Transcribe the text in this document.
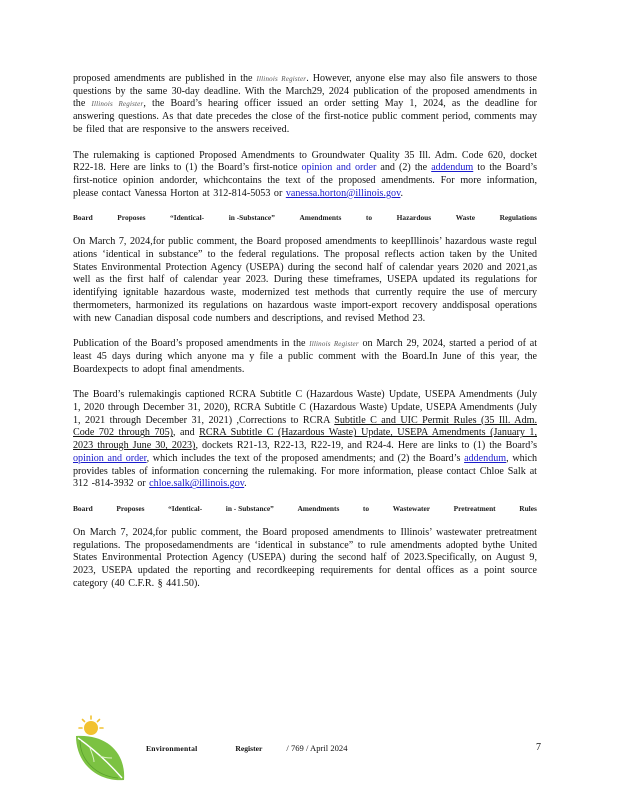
proposed amendments are published in the Illinois Register. However, anyone else may also file answers to those questions by the same 30-day deadline. With the March29, 2024 publication of the proposed amendments in the Illinois Register, the Board’s hearing officer issued an order setting May 1, 2024, as the deadline for answering questions. As that date precedes the close of the first-notice public comment period, comments may be filed that are responsive to the answers received.

The rulemaking is captioned Proposed Amendments to Groundwater Quality 35 Ill. Adm. Code 620, docket R22-18. Here are links to (1) the Board’s first-notice opinion and order and (2) the addendum to the Board’s first-notice opinion andorder, whichcontains the text of the proposed amendments. For more information, please contact Vanessa Horton at 312-814-5053 or vanessa.horton@illinois.gov.

Board	Proposes	“Identical-	in -Substance”	Amendments	to	Hazardous	Waste	Regulations

On March 7, 2024,for public comment, the Board proposed amendments to keepIllinois’ hazardous waste regul ations ‘identical in substance” to the federal regulations. The proposal reflects action taken by the United States Environmental Protection Agency (USEPA) during the second half of calendar years 2020 and 2021,as well as the first half of calendar year 2023. During these timeframes, USEPA updated its regulations for identifying ignitable hazardous waste, modernized test methods that currently require the use of mercury thermometers, harmonized its regulations on hazardous waste import-export recovery anddisposal operations with new Canadian disposal code numbers and descriptions, and revised Method 23.

Publication of the Board’s proposed amendments in the Illinois Register on March 29, 2024, started a period of at least 45 days during which anyone ma y file a public comment with the Board.In June of this year, the Boardexpects to adopt final amendments.

The Board’s rulemakingis captioned RCRA Subtitle C (Hazardous Waste) Update, USEPA Amendments (July 1, 2020 through December 31, 2020), RCRA Subtitle C (Hazardous Waste) Update, USEPA Amendments (July 1, 2021 through December 31, 2021) ,Corrections to RCRA Subtitle C and UIC Permit Rules (35 Ill. Adm. Code 702 through 705), and RCRA Subtitle C (Hazardous Waste) Update, USEPA Amendments (January 1, 2023 through June 30, 2023), dockets R21-13, R22-13, R22-19, and R24-4. Here are links to (1) the Board’s opinion and order, which includes the text of the proposed amendments; and (2) the Board’s addendum, which provides tables of information concerning the rulemaking. For more information, please contact Chloe Salk at 312 -814-3932 or chloe.salk@illinois.gov.

Board	Proposes	“Identical-	in - Substance”	Amendments	to	Wastewater	Pretreatment	Rules

On March 7, 2024,for public comment, the Board proposed amendments to Illinois’ wastewater pretreatment regulations. The proposedamendments are ‘identical in substance” to rule amendments adopted bythe United States Environmental Protection Agency (USEPA) during the second half of 2023.Specifically, on August 9, 2023, USEPA updated the reporting and recordkeeping requirements for dental offices as a point source category (40 C.F.R. § 441.50).

Environmental	Register	/ 769 / April 2024	7
